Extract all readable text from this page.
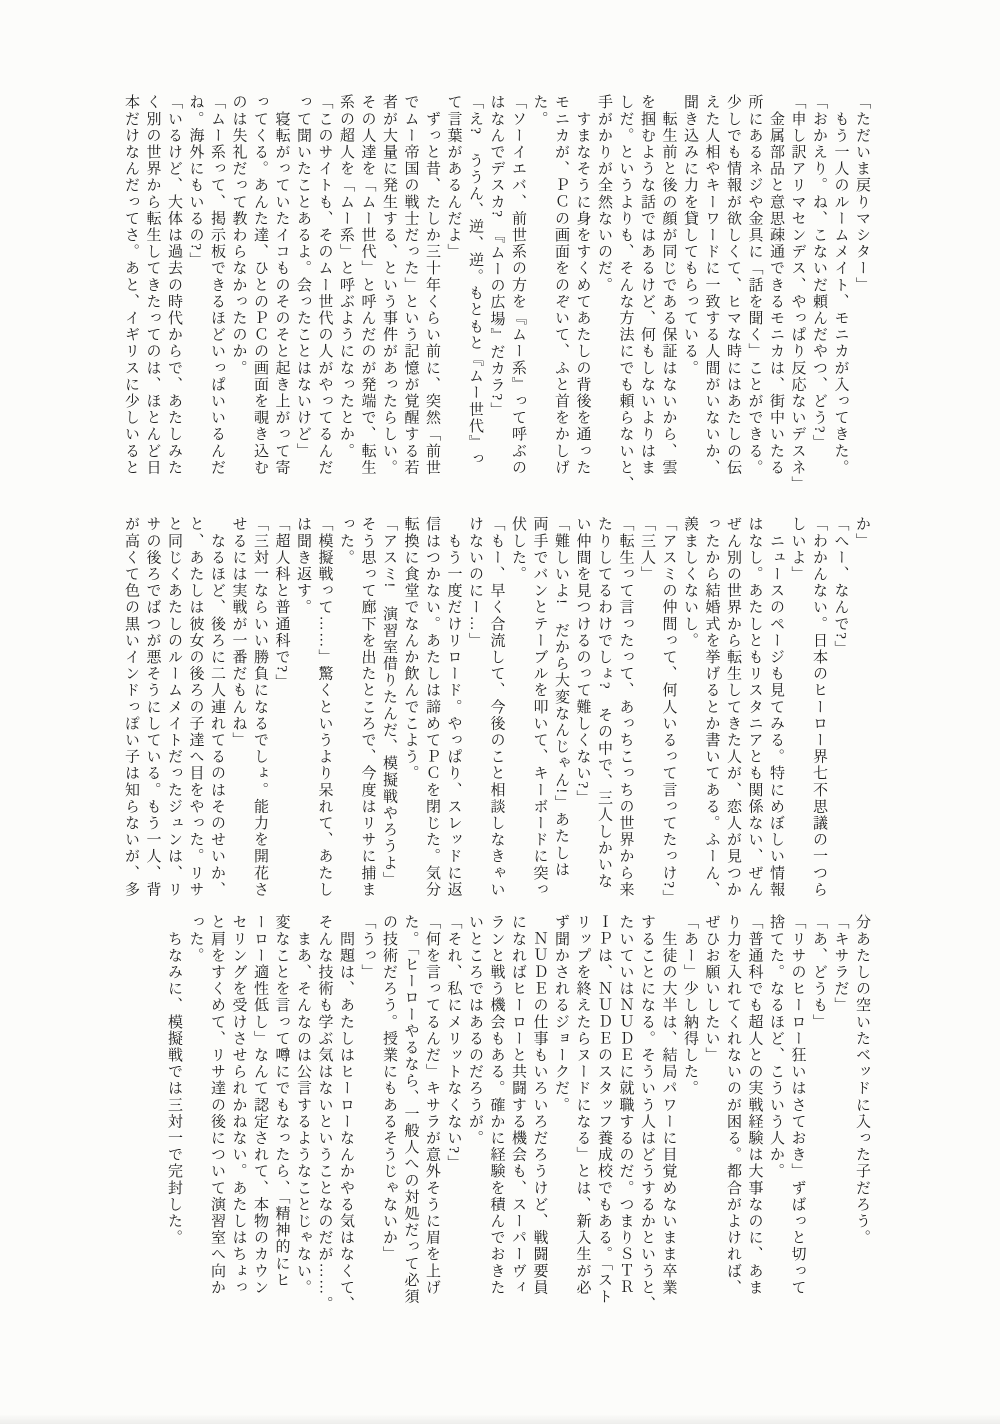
「ただいま戻りマシター」

　もう一人のルームメイト、モニカが入ってきた。

「おかえり。ね、こないだ頼んだやつ、どう?」

「申し訳アリマセンデス、やっぱり反応ないデスネ」

　金属部品と意思疎通できるモニカは、街中いたる

所にあるネジや金具に「話を聞く」ことができる。

少しでも情報が欲しくて、ヒマな時にはあたしの伝

えた人相やキーワードに一致する人間がいないか、

聞き込みに力を貸してもらっている。

　転生前と後の顔が同じである保証はないから、雲

を掴むような話ではあるけど、何もしないよりはま

しだ。というよりも、そんな方法にでも頼らないと、

手がかりが全然ないのだ。

　すまなそうに身をすくめてあたしの背後を通った

モニカが、ＰＣの画面をのぞいて、ふと首をかしげ

た。

「ソーイエバ、前世系の方を『ムー系』って呼ぶの

はなんでデスカ?　『ムーの広場』だカラ?」

「え?　ううん、逆、逆。もともと『ムー世代』っ

て言葉があるんだよ」

　ずっと昔、たしか三十年くらい前に、突然「前世

でムー帝国の戦士だった」という記憶が覚醒する若

者が大量に発生する、という事件があったらしい。

その人達を「ムー世代」と呼んだのが発端で、転生

系の超人を「ムー系」と呼ぶようになったとか。

「このサイトも、そのムー世代の人がやってるんだ

って聞いたことあるよ。会ったことはないけど」

　寝転がっていたイコものそのそと起き上がって寄

ってくる。あんた達、ひとのＰＣの画面を覗き込む

のは失礼だって教わらなかったのか。

「ムー系って、掲示板できるほどいっぱいいるんだ

ね。海外にもいるの?」

「いるけど、大体は過去の時代からで、あたしみた

く別の世界から転生してきたってのは、ほとんど日

本だけなんだってさ。あと、イギリスに少しいると

か」

「へー、なんで?」

「わかんない。日本のヒーロー界七不思議の一つら

しいよ」

　ニュースのページも見てみる。特にめぼしい情報

はなし。あたしともリスタニアとも関係ない、ぜん

ぜん別の世界から転生してきた人が、恋人が見つか

ったから結婚式を挙げるとか書いてある。ふーん、

羨ましくないし。

「アスミの仲間って、何人いるって言ってたっけ?」

「三人」

「転生って言ったって、あっちこっちの世界から来

たりしてるわけでしょ?　その中で、三人しかいな

い仲間を見つけるのって難しくない?」

「難しいよ!　だから大変なんじゃん!」あたしは

両手でバンとテーブルを叩いて、キーボードに突っ

伏した。

「もー、早く合流して、今後のこと相談しなきゃい

けないのにー…」

　もう一度だけリロード。やっぱり、スレッドに返

信はつかない。あたしは諦めてＰＣを閉じた。気分

転換に食堂でなんか飲んでこよう。

「アスミ!　演習室借りたんだ、模擬戦やろうよ」

そう思って廊下を出たところで、今度はリサに捕ま

った。

「模擬戦って……」驚くというより呆れて、あたし

は聞き返す。

「超人科と普通科で?」

「三対一ならいい勝負になるでしょ。能力を開花さ

せるには実戦が一番だもんね」

　なるほど、後ろに二人連れてるのはそのせいか、

と、あたしは彼女の後ろの子達へ目をやった。リサ

と同じくあたしのルームメイトだったジュンは、リ

サの後ろでばつが悪そうにしている。もう一人、背

が高くて色の黒いインドっぽい子は知らないが、多

分あたしの空いたベッドに入った子だろう。

「キサラだ」

「あ、どうも」

「リサのヒーロー狂いはさておき」ずばっと切って

捨てた。なるほど、こういう人か。

「普通科でも超人との実戦経験は大事なのに、あま

り力を入れてくれないのが困る。都合がよければ、

ぜひお願いしたい」

「あー」少し納得した。

　生徒の大半は、結局パワーに目覚めないまま卒業

することになる。そういう人はどうするかというと、

たいていはＮＵＤＥに就職するのだ。つまりＳＴＲ

ＩＰは、ＮＵＤＥのスタッフ養成校でもある。「スト

リップを終えたらヌードになる」とは、新入生が必

ず聞かされるジョークだ。

　ＮＵＤＥの仕事もいろいろだろうけど、戦闘要員

になればヒーローと共闘する機会も、スーパーヴィ

ランと戦う機会もある。確かに経験を積んでおきた

いところではあるのだろうが。

「それ、私にメリットなくない?」

「何を言ってるんだ」キサラが意外そうに眉を上げ

た。「ヒーローやるなら、一般人への対処だって必須

の技術だろう。授業にもあるそうじゃないか」

「うっ」

　問題は、あたしはヒーローなんかやる気はなくて、

そんな技術も学ぶ気はないということなのだが……。

　まあ、そんなのは公言するようなことじゃない。

変なことを言って噂にでもなったら、「精神的にヒ

ーロー適性低し」なんて認定されて、本物のカウン

セリングを受けさせられかねない。あたしはちょっ

と肩をすくめて、リサ達の後について演習室へ向か

った。

　ちなみに、模擬戦では三対一で完封した。
